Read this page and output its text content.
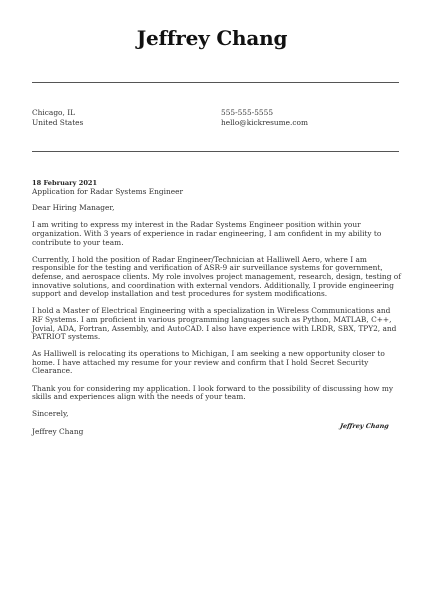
Jeffrey Chang
Chicago, IL
United States
555-555-5555
hello@kickresume.com
18 February 2021
Application for Radar Systems Engineer
Dear Hiring Manager,
I am writing to express my interest in the Radar Systems Engineer position within your organization. With 3 years of experience in radar engineering, I am confident in my ability to contribute to your team.
Currently, I hold the position of Radar Engineer/Technician at Halliwell Aero, where I am responsible for the testing and verification of ASR-9 air surveillance systems for government, defense, and aerospace clients. My role involves project management, research, design, testing of innovative solutions, and coordination with external vendors. Additionally, I provide engineering support and develop installation and test procedures for system modifications.
I hold a Master of Electrical Engineering with a specialization in Wireless Communications and RF Systems. I am proficient in various programming languages such as Python, MATLAB, C++, Jovial, ADA, Fortran, Assembly, and AutoCAD. I also have experience with LRDR, SBX, TPY2, and PATRIOT systems.
As Halliwell is relocating its operations to Michigan, I am seeking a new opportunity closer to home. I have attached my resume for your review and confirm that I hold Secret Security Clearance.
Thank you for considering my application. I look forward to the possibility of discussing how my skills and experiences align with the needs of your team.
Sincerely,
Jeffrey Chang
Jeffrey Chang
